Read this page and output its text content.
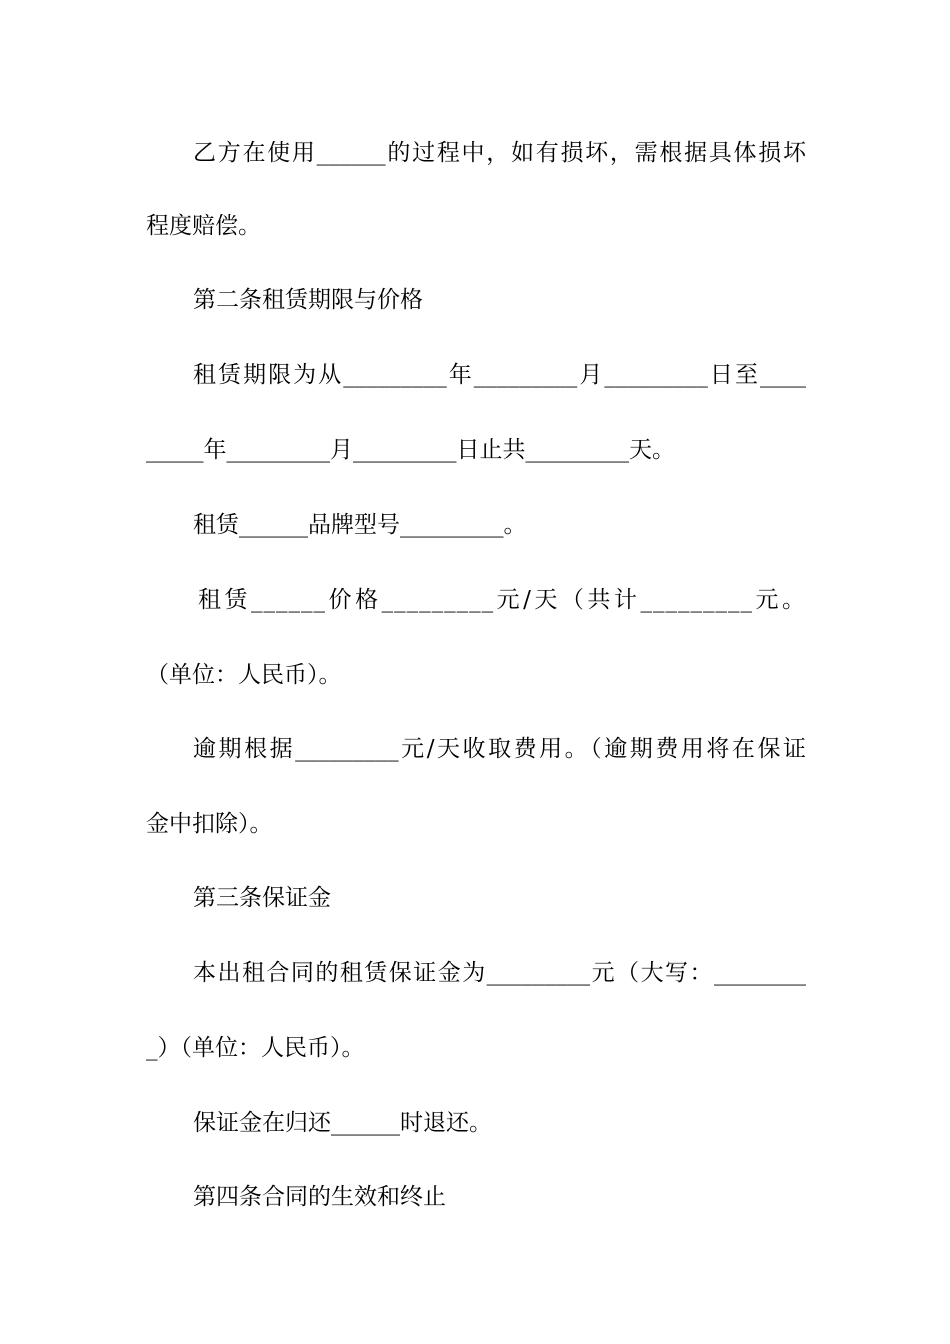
乙方在使用______的过程中，如有损坏，需根据具体损坏
程度赔偿。
第二条租赁期限与价格
租赁期限为从_________年_________月_________日至____
_____年_________月_________日止共_________天。
租赁______品牌型号_________。
租赁______价格_________元/天（共计_________元。
（单位：人民币）。
逾期根据_________元/天收取费用。（逾期费用将在保证
金中扣除）。
第三条保证金
本出租合同的租赁保证金为_________元（大写：________
_）（单位：人民币）。
保证金在归还______时退还。
第四条合同的生效和终止
